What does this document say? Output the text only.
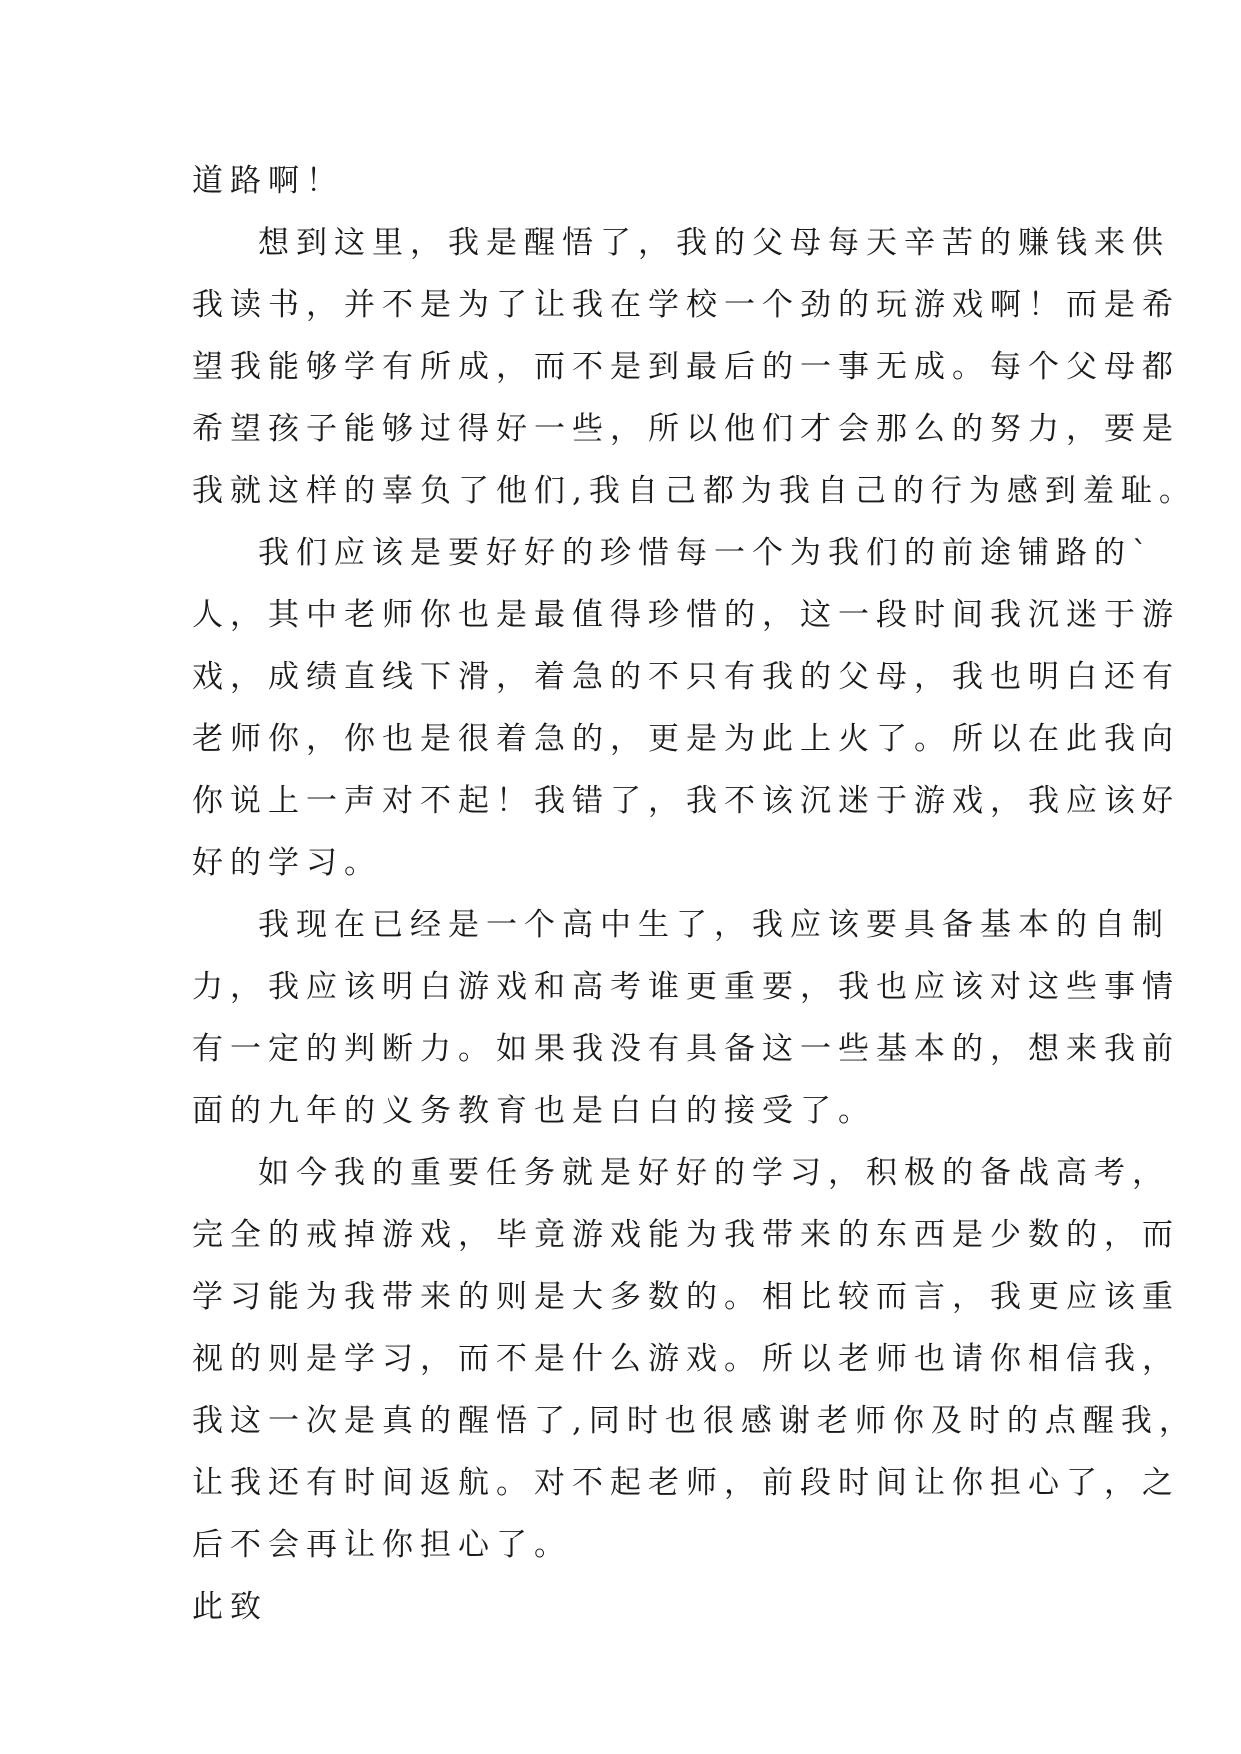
道路啊！
想到这里，我是醒悟了，我的父母每天辛苦的赚钱来供
我读书，并不是为了让我在学校一个劲的玩游戏啊！而是希
望我能够学有所成，而不是到最后的一事无成。每个父母都
希望孩子能够过得好一些，所以他们才会那么的努力，要是
我就这样的辜负了他们,我自己都为我自己的行为感到羞耻。
我们应该是要好好的珍惜每一个为我们的前途铺路的`
人，其中老师你也是最值得珍惜的，这一段时间我沉迷于游
戏，成绩直线下滑，着急的不只有我的父母，我也明白还有
老师你，你也是很着急的，更是为此上火了。所以在此我向
你说上一声对不起！我错了，我不该沉迷于游戏，我应该好
好的学习。
我现在已经是一个高中生了，我应该要具备基本的自制
力，我应该明白游戏和高考谁更重要，我也应该对这些事情
有一定的判断力。如果我没有具备这一些基本的，想来我前
面的九年的义务教育也是白白的接受了。
如今我的重要任务就是好好的学习，积极的备战高考，
完全的戒掉游戏，毕竟游戏能为我带来的东西是少数的，而
学习能为我带来的则是大多数的。相比较而言，我更应该重
视的则是学习，而不是什么游戏。所以老师也请你相信我，
我这一次是真的醒悟了,同时也很感谢老师你及时的点醒我，
让我还有时间返航。对不起老师，前段时间让你担心了，之
后不会再让你担心了。
此致
